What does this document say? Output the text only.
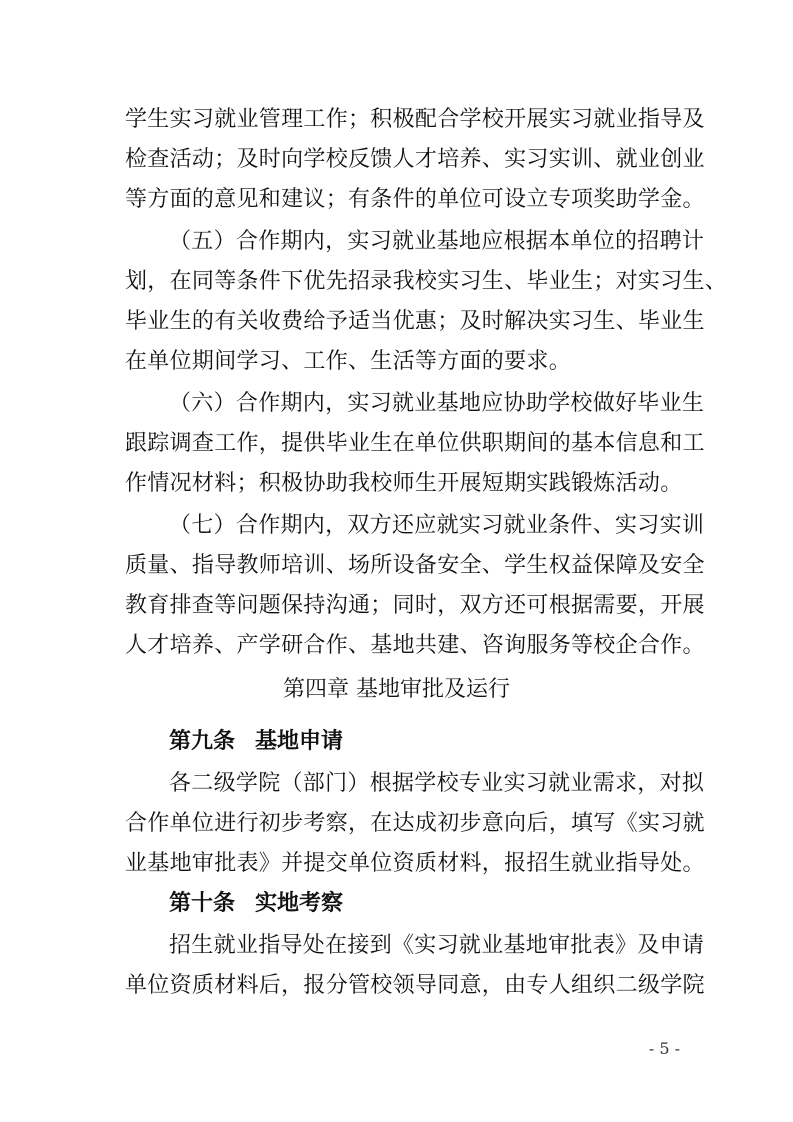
学生实习就业管理工作；积极配合学校开展实习就业指导及
检查活动；及时向学校反馈人才培养、实习实训、就业创业
等方面的意见和建议；有条件的单位可设立专项奖助学金。
（五）合作期内，实习就业基地应根据本单位的招聘计
划，在同等条件下优先招录我校实习生、毕业生；对实习生、
毕业生的有关收费给予适当优惠；及时解决实习生、毕业生
在单位期间学习、工作、生活等方面的要求。
（六）合作期内，实习就业基地应协助学校做好毕业生
跟踪调查工作，提供毕业生在单位供职期间的基本信息和工
作情况材料；积极协助我校师生开展短期实践锻炼活动。
（七）合作期内，双方还应就实习就业条件、实习实训
质量、指导教师培训、场所设备安全、学生权益保障及安全
教育排查等问题保持沟通；同时，双方还可根据需要，开展
人才培养、产学研合作、基地共建、咨询服务等校企合作。
第四章 基地审批及运行
第九条 基地申请
各二级学院（部门）根据学校专业实习就业需求，对拟
合作单位进行初步考察，在达成初步意向后，填写《实习就
业基地审批表》并提交单位资质材料，报招生就业指导处。
第十条 实地考察
招生就业指导处在接到《实习就业基地审批表》及申请
单位资质材料后，报分管校领导同意，由专人组织二级学院
- 5 -
